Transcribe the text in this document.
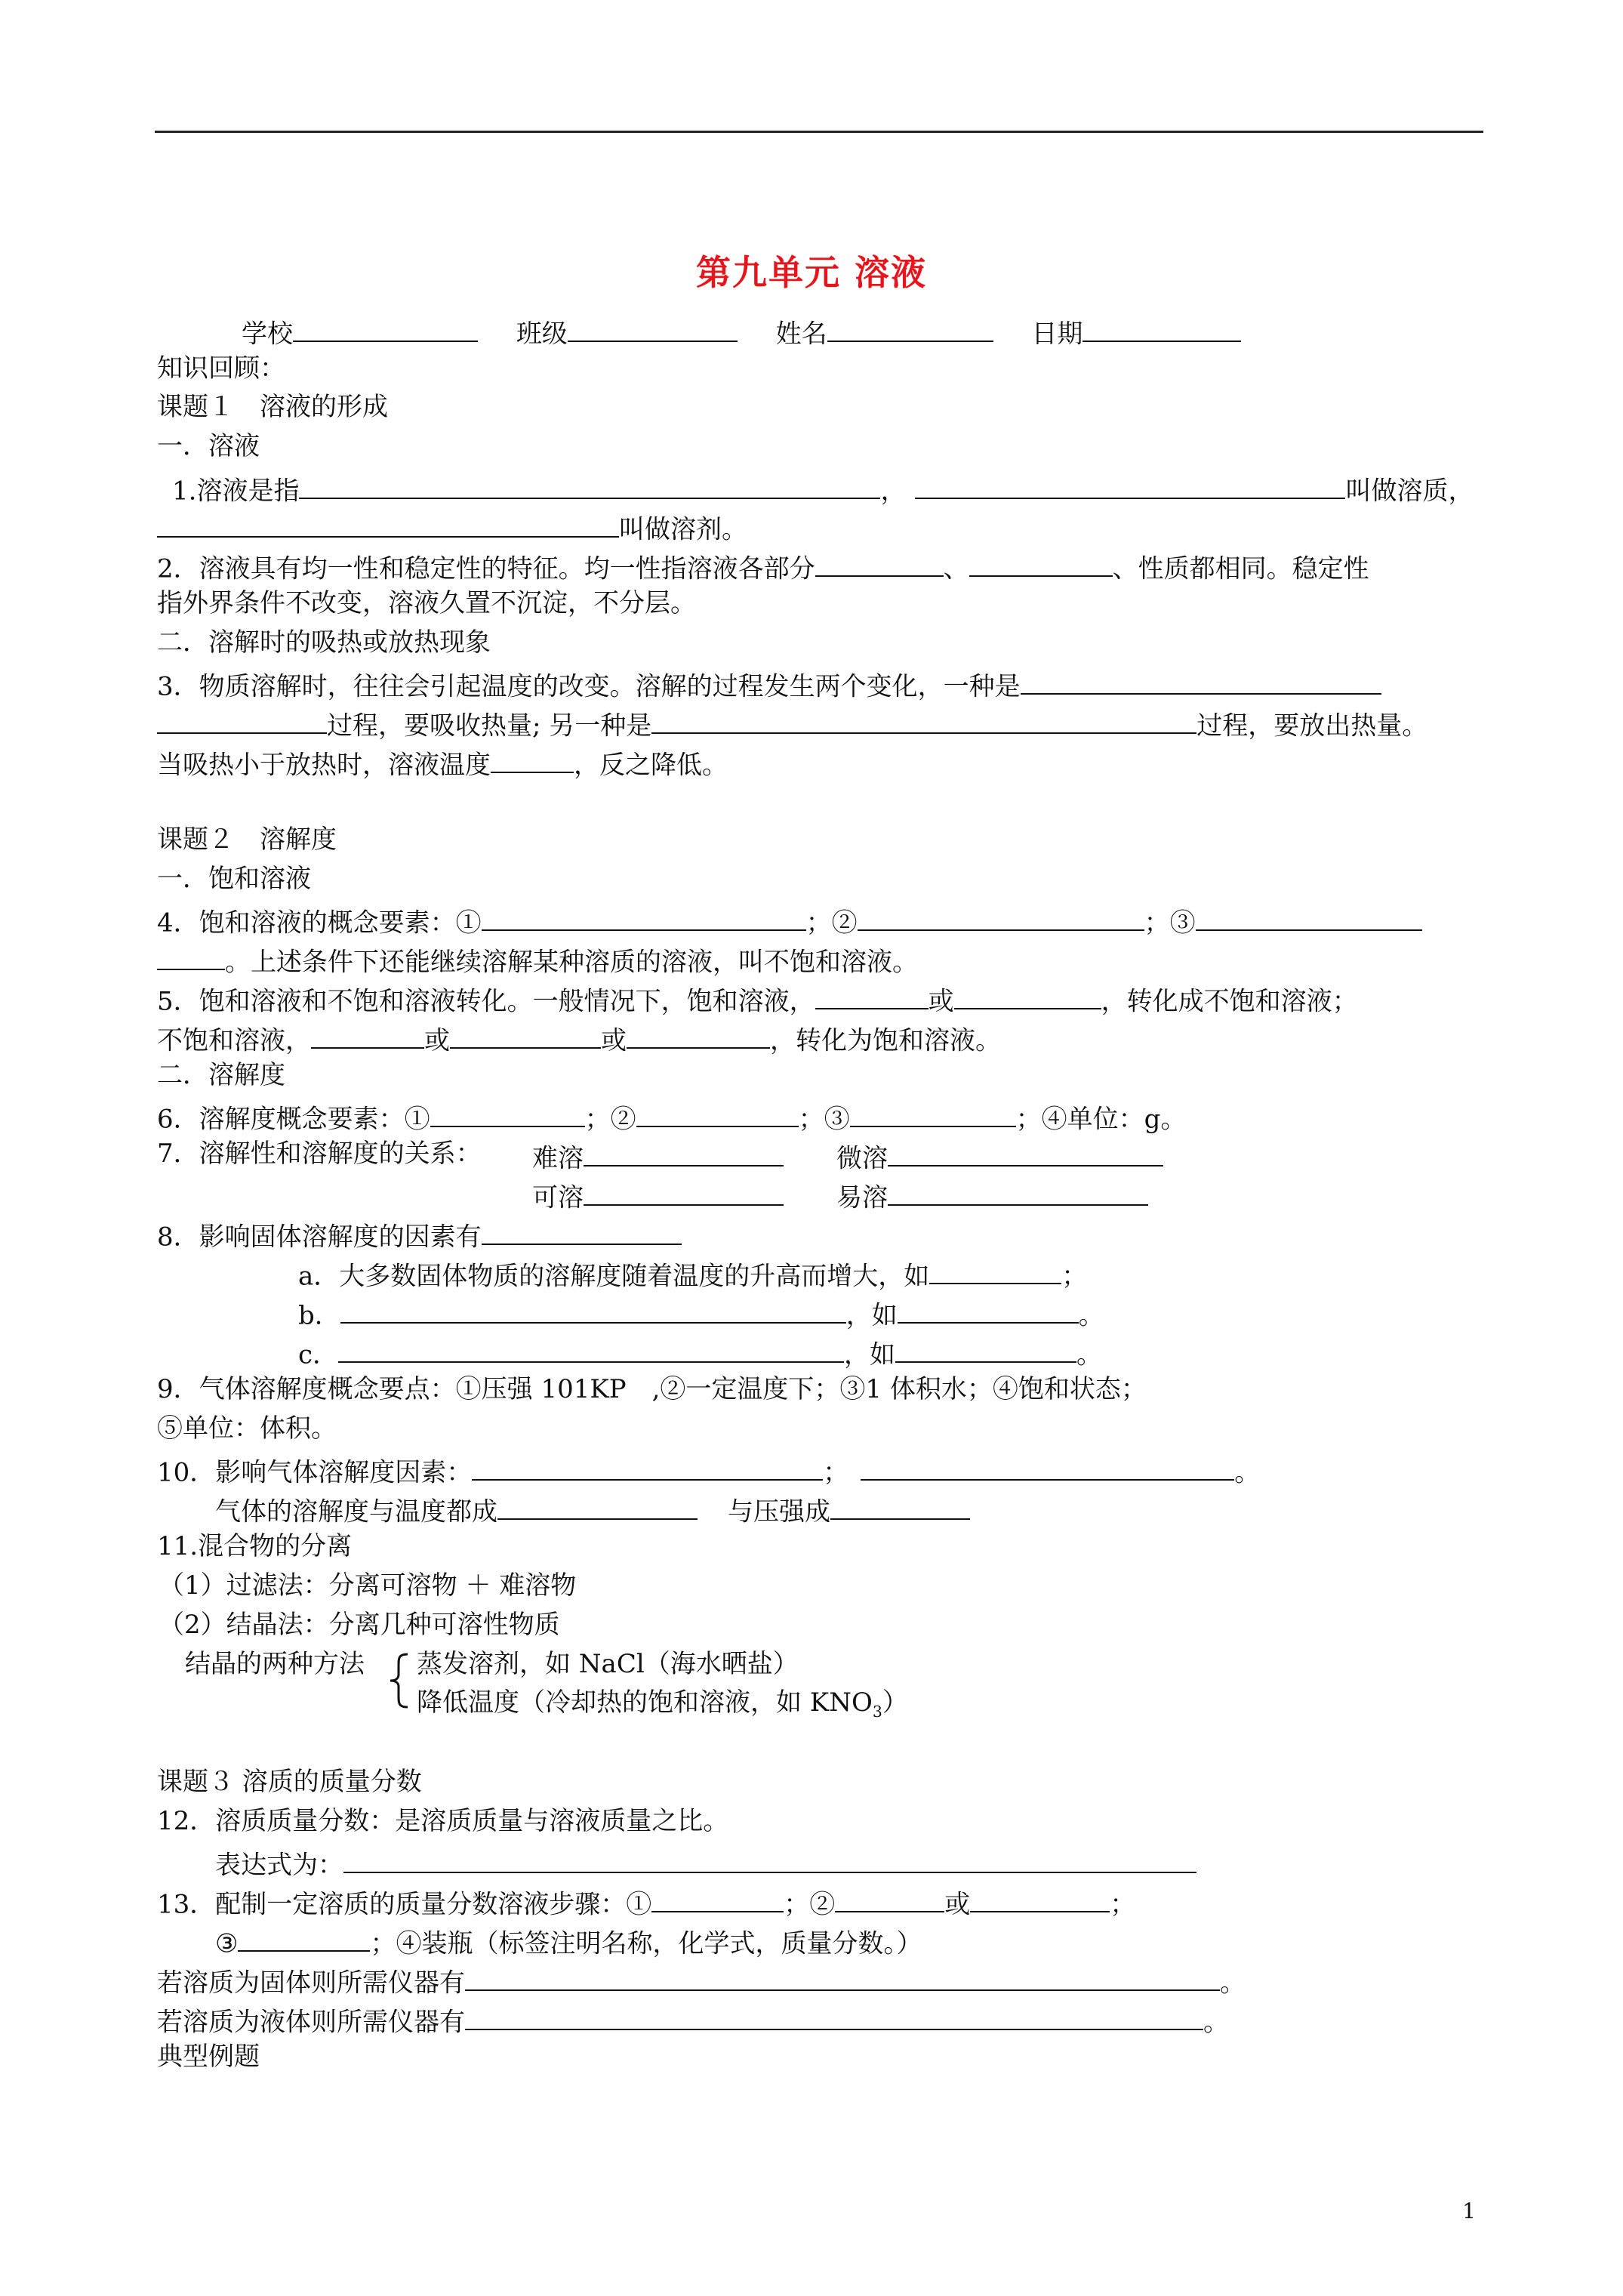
第九单元 溶液
学校	班级	姓名	日期
知识回顾：
课题１　溶液的形成
一．溶液
1.溶液是指	，	叫做溶质，
叫做溶剂。
2．溶液具有均一性和稳定性的特征。均一性指溶液各部分	、	、性质都相同。稳定性
指外界条件不改变，溶液久置不沉淀，不分层。
二．溶解时的吸热或放热现象
3．物质溶解时，往往会引起温度的改变。溶解的过程发生两个变化，一种是
过程，要吸收热量; 另一种是	过程，要放出热量。
当吸热小于放热时，溶液温度	，反之降低。
课题２　溶解度
一．饱和溶液
4．饱和溶液的概念要素：①	；②	；③
。上述条件下还能继续溶解某种溶质的溶液，叫不饱和溶液。
5．饱和溶液和不饱和溶液转化。一般情况下，饱和溶液，	或	，转化成不饱和溶液；
不饱和溶液，	或	或	，转化为饱和溶液。
二．溶解度
6．溶解度概念要素：①	；②	；③	；④单位：g。
7．溶解性和溶解度的关系： 难溶	微溶
可溶	易溶
8．影响固体溶解度的因素有
a．大多数固体物质的溶解度随着温度的升高而增大，如	；
b．	，如	。
c．	，如	。
9．气体溶解度概念要点：①压强 101KP　,②一定温度下；③1 体积水；④饱和状态；
⑤单位：体积。
10．影响气体溶解度因素：	；	。
气体的溶解度与温度都成	与压强成
11.混合物的分离
（1）过滤法：分离可溶物 ＋ 难溶物
（2）结晶法：分离几种可溶性物质
结晶的两种方法 蒸发溶剂，如 NaCl（海水晒盐）
降低温度（冷却热的饱和溶液，如 $KNO_3$）
课题３ 溶质的质量分数
12．溶质质量分数：是溶质质量与溶液质量之比。
表达式为：
13．配制一定溶质的质量分数溶液步骤：①	；②	或	；
③	；④装瓶（标签注明名称，化学式，质量分数。）
若溶质为固体则所需仪器有	。
若溶质为液体则所需仪器有	。
典型例题
1
